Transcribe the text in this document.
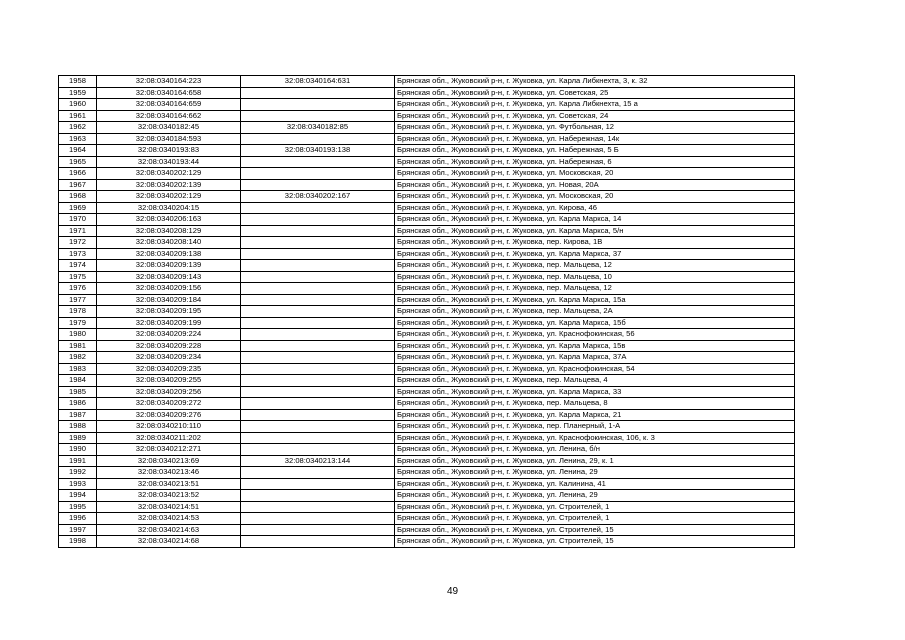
1958	32:08:0340164:223	32:08:0340164:631	Брянская обл., Жуковский р-н, г. Жуковка, ул. Карла Либкнехта, 3, к. 32
1959	32:08:0340164:658		Брянская обл., Жуковский р-н, г. Жуковка, ул. Советская, 25
1960	32:08:0340164:659		Брянская обл., Жуковский р-н, г. Жуковка, ул. Карла Либкнехта, 15 а
1961	32:08:0340164:662		Брянская обл., Жуковский р-н, г. Жуковка, ул. Советская, 24
1962	32:08:0340182:45	32:08:0340182:85	Брянская обл., Жуковский р-н, г. Жуковка, ул. Футбольная, 12
1963	32:08:0340184:593		Брянская обл., Жуковский р-н, г. Жуковка, ул. Набережная, 14к
1964	32:08:0340193:83	32:08:0340193:138	Брянская обл., Жуковский р-н, г. Жуковка, ул. Набережная, 5 Б
1965	32:08:0340193:44		Брянская обл., Жуковский р-н, г. Жуковка, ул. Набережная, 6
1966	32:08:0340202:129		Брянская обл., Жуковский р-н, г. Жуковка, ул. Московская, 20
1967	32:08:0340202:139		Брянская обл., Жуковский р-н, г. Жуковка, ул. Новая, 20А
1968	32:08:0340202:129	32:08:0340202:167	Брянская обл., Жуковский р-н, г. Жуковка, ул. Московская, 20
1969	32:08:0340204:15		Брянская обл., Жуковский р-н, г. Жуковка, ул. Кирова, 46
1970	32:08:0340206:163		Брянская обл., Жуковский р-н, г. Жуковка, ул. Карла Маркса, 14
1971	32:08:0340208:129		Брянская обл., Жуковский р-н, г. Жуковка, ул. Карла Маркса, 5/н
1972	32:08:0340208:140		Брянская обл., Жуковский р-н, г. Жуковка, пер. Кирова, 1В
1973	32:08:0340209:138		Брянская обл., Жуковский р-н, г. Жуковка, ул. Карла Маркса, 37
1974	32:08:0340209:139		Брянская обл., Жуковский р-н, г. Жуковка, пер. Мальцева, 12
1975	32:08:0340209:143		Брянская обл., Жуковский р-н, г. Жуковка, пер. Мальцева, 10
1976	32:08:0340209:156		Брянская обл., Жуковский р-н, г. Жуковка, пер. Мальцева, 12
1977	32:08:0340209:184		Брянская обл., Жуковский р-н, г. Жуковка, ул. Карла Маркса, 15а
1978	32:08:0340209:195		Брянская обл., Жуковский р-н, г. Жуковка, пер. Мальцева, 2А
1979	32:08:0340209:199		Брянская обл., Жуковский р-н, г. Жуковка, ул. Карла Маркса, 15б
1980	32:08:0340209:224		Брянская обл., Жуковский р-н, г. Жуковка, ул. Краснофокинская, 56
1981	32:08:0340209:228		Брянская обл., Жуковский р-н, г. Жуковка, ул. Карла Маркса, 15в
1982	32:08:0340209:234		Брянская обл., Жуковский р-н, г. Жуковка, ул. Карла Маркса, 37А
1983	32:08:0340209:235		Брянская обл., Жуковский р-н, г. Жуковка, ул. Краснофокинская, 54
1984	32:08:0340209:255		Брянская обл., Жуковский р-н, г. Жуковка, пер. Мальцева, 4
1985	32:08:0340209:256		Брянская обл., Жуковский р-н, г. Жуковка, ул. Карла Маркса, 33
1986	32:08:0340209:272		Брянская обл., Жуковский р-н, г. Жуковка, пер. Мальцева, 8
1987	32:08:0340209:276		Брянская обл., Жуковский р-н, г. Жуковка, ул. Карла Маркса, 21
1988	32:08:0340210:110		Брянская обл., Жуковский р-н, г. Жуковка, пер. Планерный, 1-А
1989	32:08:0340211:202		Брянская обл., Жуковский р-н, г. Жуковка, ул. Краснофокинская, 106, к. 3
1990	32:08:0340212:271		Брянская обл., Жуковский р-н, г. Жуковка, ул. Ленина, б/н
1991	32:08:0340213:69	32:08:0340213:144	Брянская обл., Жуковский р-н, г. Жуковка, ул. Ленина, 29, к. 1
1992	32:08:0340213:46		Брянская обл., Жуковский р-н, г. Жуковка, ул. Ленина, 29
1993	32:08:0340213:51		Брянская обл., Жуковский р-н, г. Жуковка, ул. Калинина, 41
1994	32:08:0340213:52		Брянская обл., Жуковский р-н, г. Жуковка, ул. Ленина, 29
1995	32:08:0340214:51		Брянская обл., Жуковский р-н, г. Жуковка, ул. Строителей, 1
1996	32:08:0340214:53		Брянская обл., Жуковский р-н, г. Жуковка, ул. Строителей, 1
1997	32:08:0340214:63		Брянская обл., Жуковский р-н, г. Жуковка, ул. Строителей, 15
1998	32:08:0340214:68		Брянская обл., Жуковский р-н, г. Жуковка, ул. Строителей, 15
49
